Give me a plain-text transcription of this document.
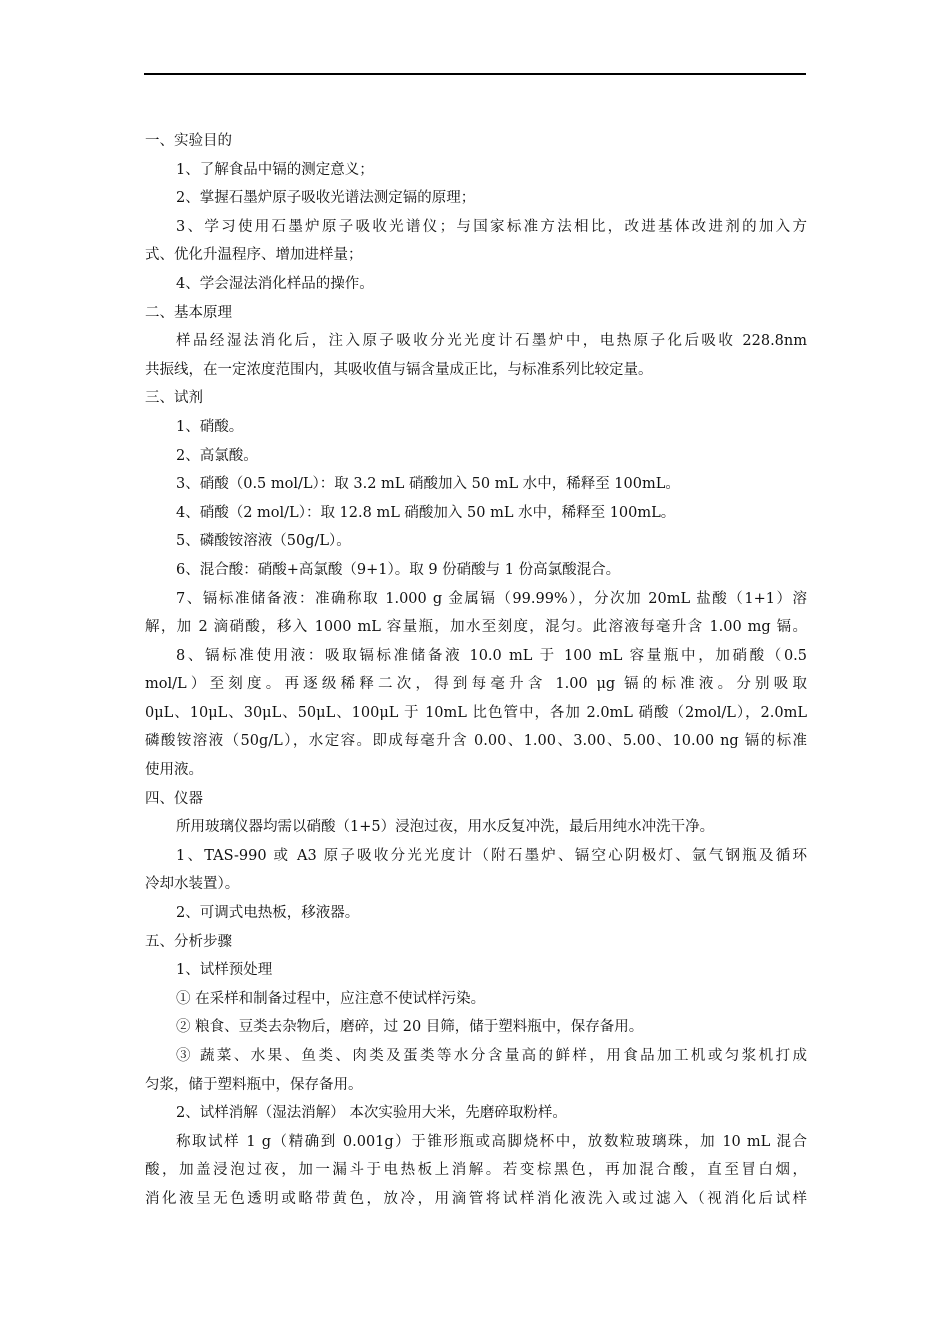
一、实验目的
1、了解食品中镉的测定意义；
2、掌握石墨炉原子吸收光谱法测定镉的原理；
3、学习使用石墨炉原子吸收光谱仪；与国家标准方法相比，改进基体改进剂的加入方
式、优化升温程序、增加进样量；
4、学会湿法消化样品的操作。
二、基本原理
样品经湿法消化后，注入原子吸收分光光度计石墨炉中，电热原子化后吸收 228.8nm
共振线，在一定浓度范围内，其吸收值与镉含量成正比，与标准系列比较定量。
三、试剂
1、硝酸。
2、高氯酸。
3、硝酸（0.5 mol/L）：取 3.2 mL 硝酸加入 50 mL 水中，稀释至 100mL。
4、硝酸（2 mol/L）：取 12.8 mL 硝酸加入 50 mL 水中，稀释至 100mL。
5、磷酸铵溶液（50g/L）。
6、混合酸：硝酸+高氯酸（9+1）。取 9 份硝酸与 1 份高氯酸混合。
7、镉标准储备液：准确称取 1.000 g 金属镉（99.99%），分次加 20mL 盐酸（1+1）溶
解，加 2 滴硝酸，移入 1000 mL 容量瓶，加水至刻度，混匀。此溶液每毫升含 1.00 mg 镉。
8、镉标准使用液：吸取镉标准储备液 10.0 mL 于 100 mL 容量瓶中，加硝酸（0.5
mol/L）至刻度。再逐级稀释二次，得到每毫升含 1.00 μg 镉的标准液。分别吸取
0μL、10μL、30μL、50μL、100μL 于 10mL 比色管中，各加 2.0mL 硝酸（2mol/L），2.0mL
磷酸铵溶液（50g/L），水定容。即成每毫升含 0.00、1.00、3.00、5.00、10.00 ng 镉的标准
使用液。
四、仪器
所用玻璃仪器均需以硝酸（1+5）浸泡过夜，用水反复冲洗，最后用纯水冲洗干净。
1、TAS-990 或 A3 原子吸收分光光度计（附石墨炉、镉空心阴极灯、氩气钢瓶及循环
冷却水装置）。
2、可调式电热板，移液器。
五、分析步骤
1、试样预处理
① 在采样和制备过程中，应注意不使试样污染。
② 粮食、豆类去杂物后，磨碎，过 20 目筛，储于塑料瓶中，保存备用。
③ 蔬菜、水果、鱼类、肉类及蛋类等水分含量高的鲜样，用食品加工机或匀浆机打成
匀浆，储于塑料瓶中，保存备用。
2、试样消解（湿法消解） 本次实验用大米，先磨碎取粉样。
称取试样 1 g（精确到 0.001g）于锥形瓶或高脚烧杯中，放数粒玻璃珠，加 10 mL 混合
酸，加盖浸泡过夜，加一漏斗于电热板上消解。若变棕黑色，再加混合酸，直至冒白烟，
消化液呈无色透明或略带黄色，放冷，用滴管将试样消化液洗入或过滤入（视消化后试样
